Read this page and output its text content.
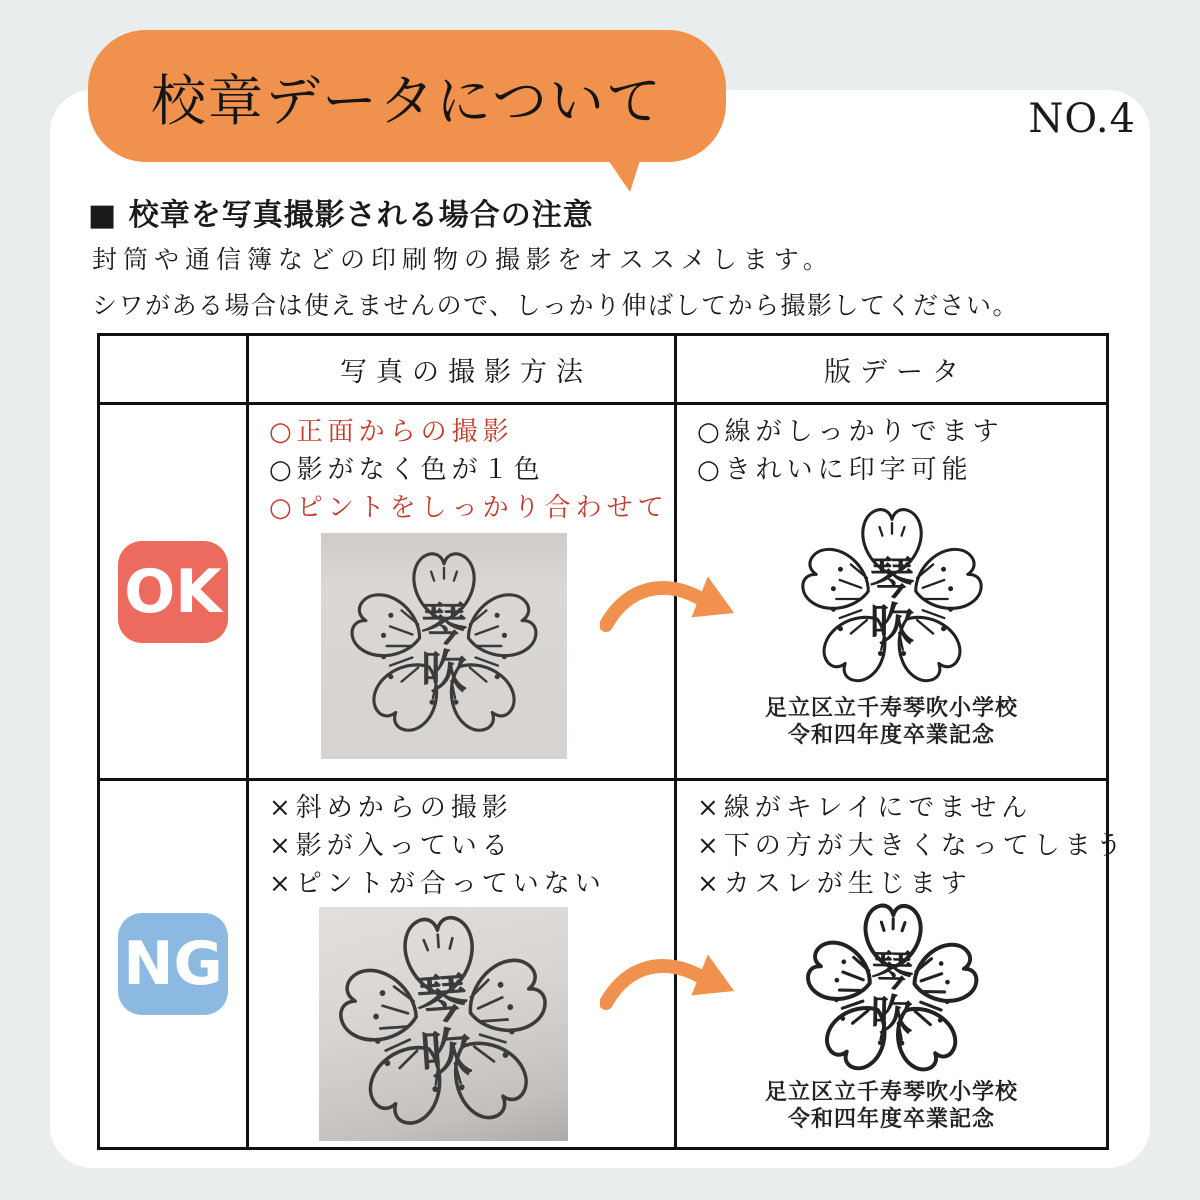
校章データについて	NO.4
■ 校章を写真撮影される場合の注意
封筒や通信簿などの印刷物の撮影をオススメします。
シワがある場合は使えませんので、しっかり伸ばしてから撮影してください。
写真の撮影方法	版データ
OK
○正面からの撮影
○影がなく色が１色
○ピントをしっかり合わせて
○線がしっかりでます
○きれいに印字可能
足立区立千寿琴吹小学校
令和四年度卒業記念
NG
×斜めからの撮影
×影が入っている
×ピントが合っていない
×線がキレイにでません
×下の方が大きくなってしまう
×カスレが生じます
足立区立千寿琴吹小学校
令和四年度卒業記念
